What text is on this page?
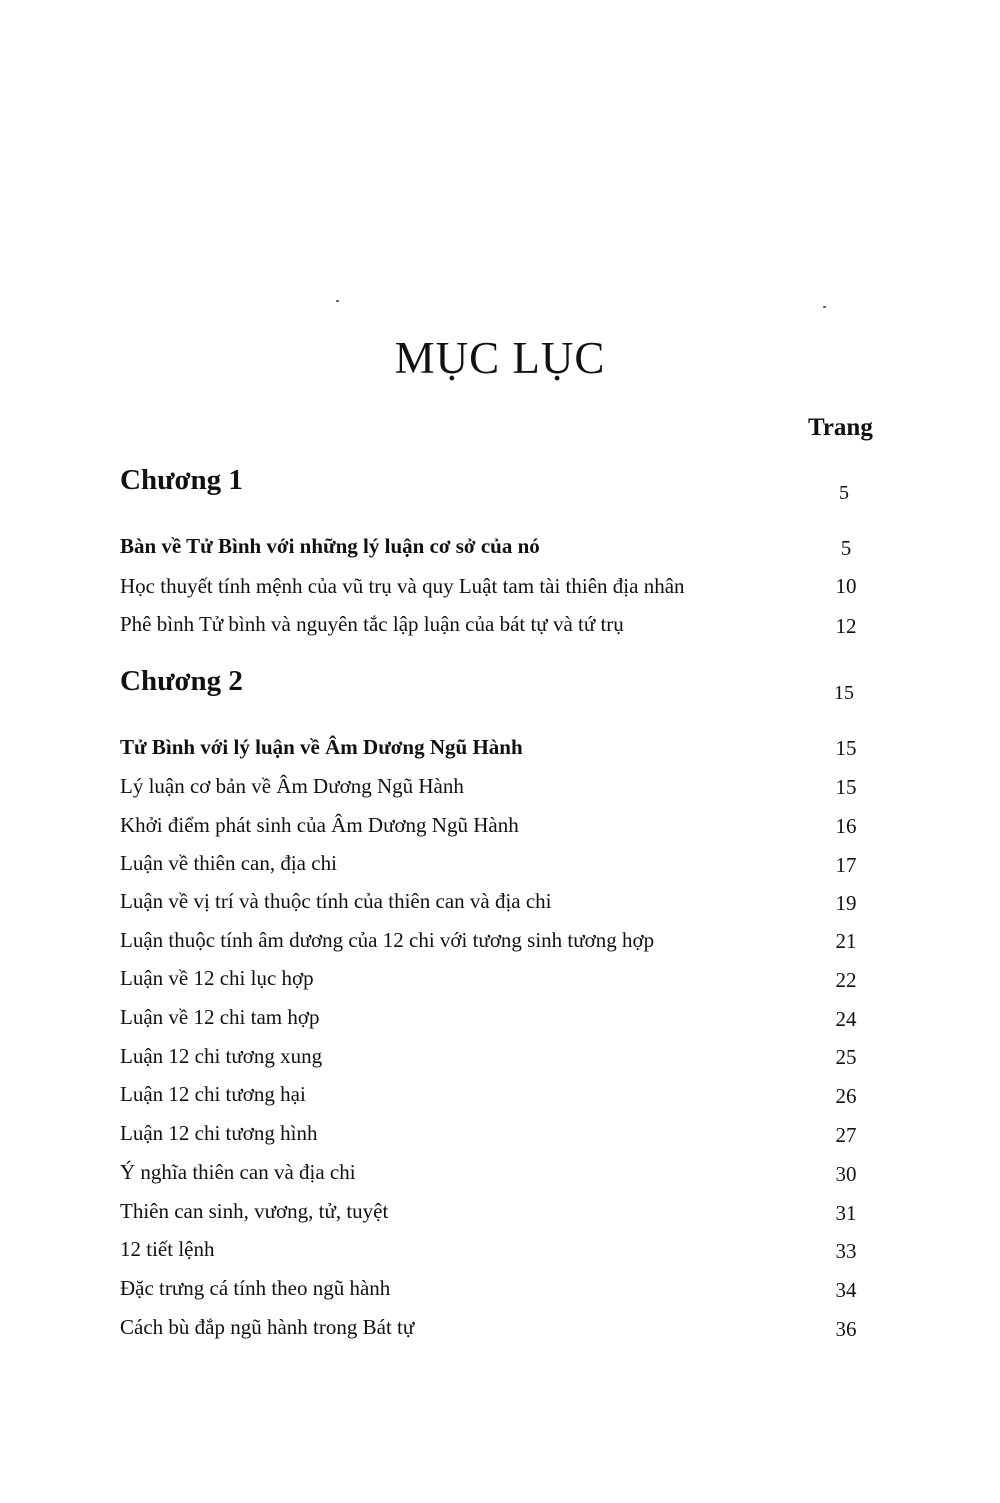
MỤC LỤC
Trang
Chương 1	5
Bàn về Tử Bình với những lý luận cơ sở của nó	5
Học thuyết tính mệnh của vũ trụ và quy Luật tam tài thiên địa nhân	10
Phê bình Tử bình và nguyên tắc lập luận của bát tự và tứ trụ	12
Chương 2	15
Tử Bình với lý luận về Âm Dương Ngũ Hành	15
Lý luận cơ bản về Âm Dương Ngũ Hành	15
Khởi điểm phát sinh của Âm Dương Ngũ Hành	16
Luận về thiên can, địa chi	17
Luận về vị trí và thuộc tính của thiên can và địa chi	19
Luận thuộc tính âm dương của 12 chi với tương sinh tương hợp	21
Luận về 12 chi lục hợp	22
Luận về 12 chi tam hợp	24
Luận 12 chi tương xung	25
Luận 12 chi tương hại	26
Luận 12 chi tương hình	27
Ý nghĩa thiên can và địa chi	30
Thiên can sinh, vương, tử, tuyệt	31
12 tiết lệnh	33
Đặc trưng cá tính theo ngũ hành	34
Cách bù đắp ngũ hành trong Bát tự	36
